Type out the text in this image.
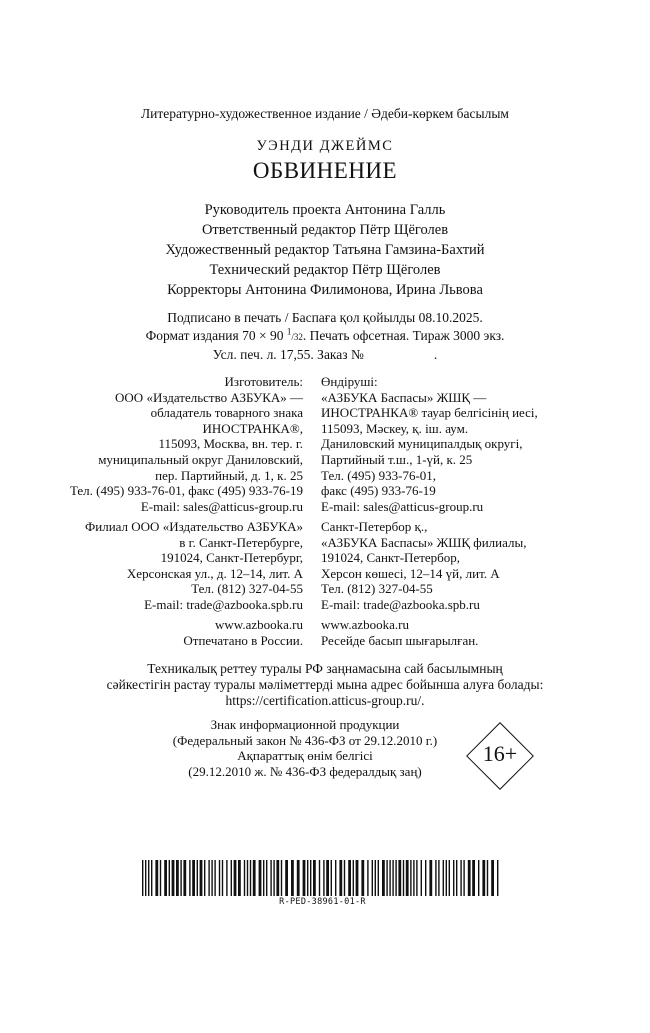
Литературно-художественное издание / Әдеби-көркем басылым
УЭНДИ ДЖЕЙМС
ОБВИНЕНИЕ
Руководитель проекта Антонина Галль
Ответственный редактор Пётр Щёголев
Художественный редактор Татьяна Гамзина-Бахтий
Технический редактор Пётр Щёголев
Корректоры Антонина Филимонова, Ирина Львова
Подписано в печать / Баспаға қол қойылды 08.10.2025.
Формат издания 70 × 90 $^1$/32. Печать офсетная. Тираж 3000 экз.
Усл. печ. л. 17,55. Заказ №	.
Изготовитель:
ООО «Издательство АЗБУКА» —
обладатель товарного знака
ИНОСТРАНКА®,
115093, Москва, вн. тер. г.
муниципальный округ Даниловский,
пер. Партийный, д. 1, к. 25
Тел. (495) 933-76-01, факс (495) 933-76-19
E-mail: sales@atticus-group.ru
Өндіруші:
«АЗБУКА Баспасы» ЖШҚ —
ИНОСТРАНКА® тауар белгісінің иесі,
115093, Мәскеу, қ. іш. аум.
Даниловский муниципалдық округі,
Партийный т.ш., 1-үй, к. 25
Тел. (495) 933-76-01,
факс (495) 933-76-19
E-mail: sales@atticus-group.ru
Филиал ООО «Издательство АЗБУКА»
в г. Санкт-Петербурге,
191024, Санкт-Петербург,
Херсонская ул., д. 12–14, лит. А
Тел. (812) 327-04-55
E-mail: trade@azbooka.spb.ru
Санкт-Петербор қ.,
«АЗБУКА Баспасы» ЖШҚ филиалы,
191024, Санкт-Петербор,
Херсон көшесі, 12–14 үй, лит. А
Тел. (812) 327-04-55
E-mail: trade@azbooka.spb.ru
www.azbooka.ru
Отпечатано в России.
www.azbooka.ru
Ресейде басып шығарылған.
Техникалық реттеу туралы РФ заңнамасына сай басылымның
сәйкестігін растау туралы мәліметтерді мына адрес бойынша алуға болады:
https://certification.atticus-group.ru/.
Знак информационной продукции
(Федеральный закон № 436-ФЗ от 29.12.2010 г.)
Ақпараттық өнім белгісі
(29.12.2010 ж. № 436-ФЗ федералдық заң)
16+
R-PED-38961-01-R
